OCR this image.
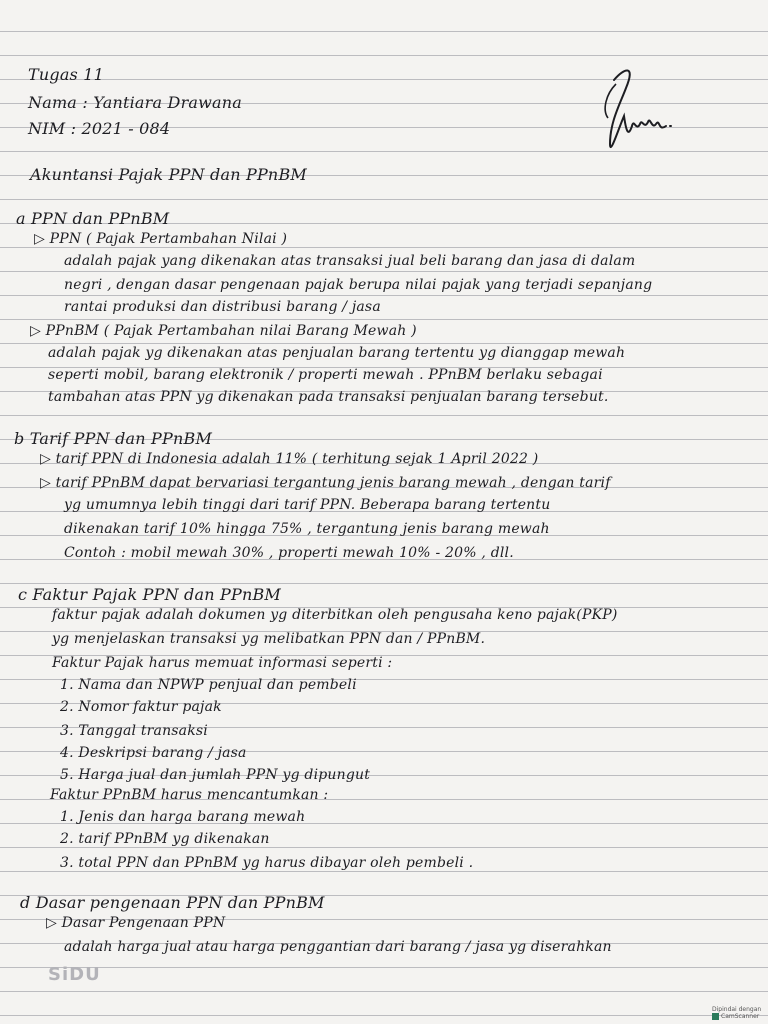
Tugas 11
Nama : Yantiara Drawana
NIM : 2021 - 084
Akuntansi Pajak PPN dan PPnBM
a PPN dan PPnBM
▷ PPN ( Pajak Pertambahan Nilai )
adalah pajak yang dikenakan atas transaksi jual beli barang dan jasa di dalam
negri , dengan dasar pengenaan pajak berupa nilai pajak yang terjadi sepanjang
rantai produksi dan distribusi barang / jasa
▷ PPnBM ( Pajak Pertambahan nilai Barang Mewah )
adalah pajak yg dikenakan atas penjualan barang tertentu yg dianggap mewah
seperti mobil, barang elektronik / properti mewah . PPnBM berlaku sebagai
tambahan atas PPN yg dikenakan pada transaksi penjualan barang tersebut.
b Tarif PPN dan PPnBM
▷ tarif PPN di Indonesia adalah 11% ( terhitung sejak 1 April 2022 )
▷ tarif PPnBM dapat bervariasi tergantung jenis barang mewah , dengan tarif
yg umumnya lebih tinggi dari tarif PPN. Beberapa barang tertentu
dikenakan tarif 10% hingga 75% , tergantung jenis barang mewah
Contoh : mobil mewah 30% , properti mewah 10% - 20% , dll.
c Faktur Pajak PPN dan PPnBM
faktur pajak adalah dokumen yg diterbitkan oleh pengusaha keno pajak(PKP)
yg menjelaskan transaksi yg melibatkan PPN dan / PPnBM.
Faktur Pajak harus memuat informasi seperti :
1. Nama dan NPWP penjual dan pembeli
2. Nomor faktur pajak
3. Tanggal transaksi
4. Deskripsi barang / jasa
5. Harga jual dan jumlah PPN yg dipungut
Faktur PPnBM harus mencantumkan :
1. Jenis dan harga barang mewah
2. tarif PPnBM yg dikenakan
3. total PPN dan PPnBM yg harus dibayar oleh pembeli .
d Dasar pengenaan PPN dan PPnBM
▷ Dasar Pengenaan PPN
adalah harga jual atau harga penggantian dari barang / jasa yg diserahkan
SiDU
Dipindai dengan
CamScanner
